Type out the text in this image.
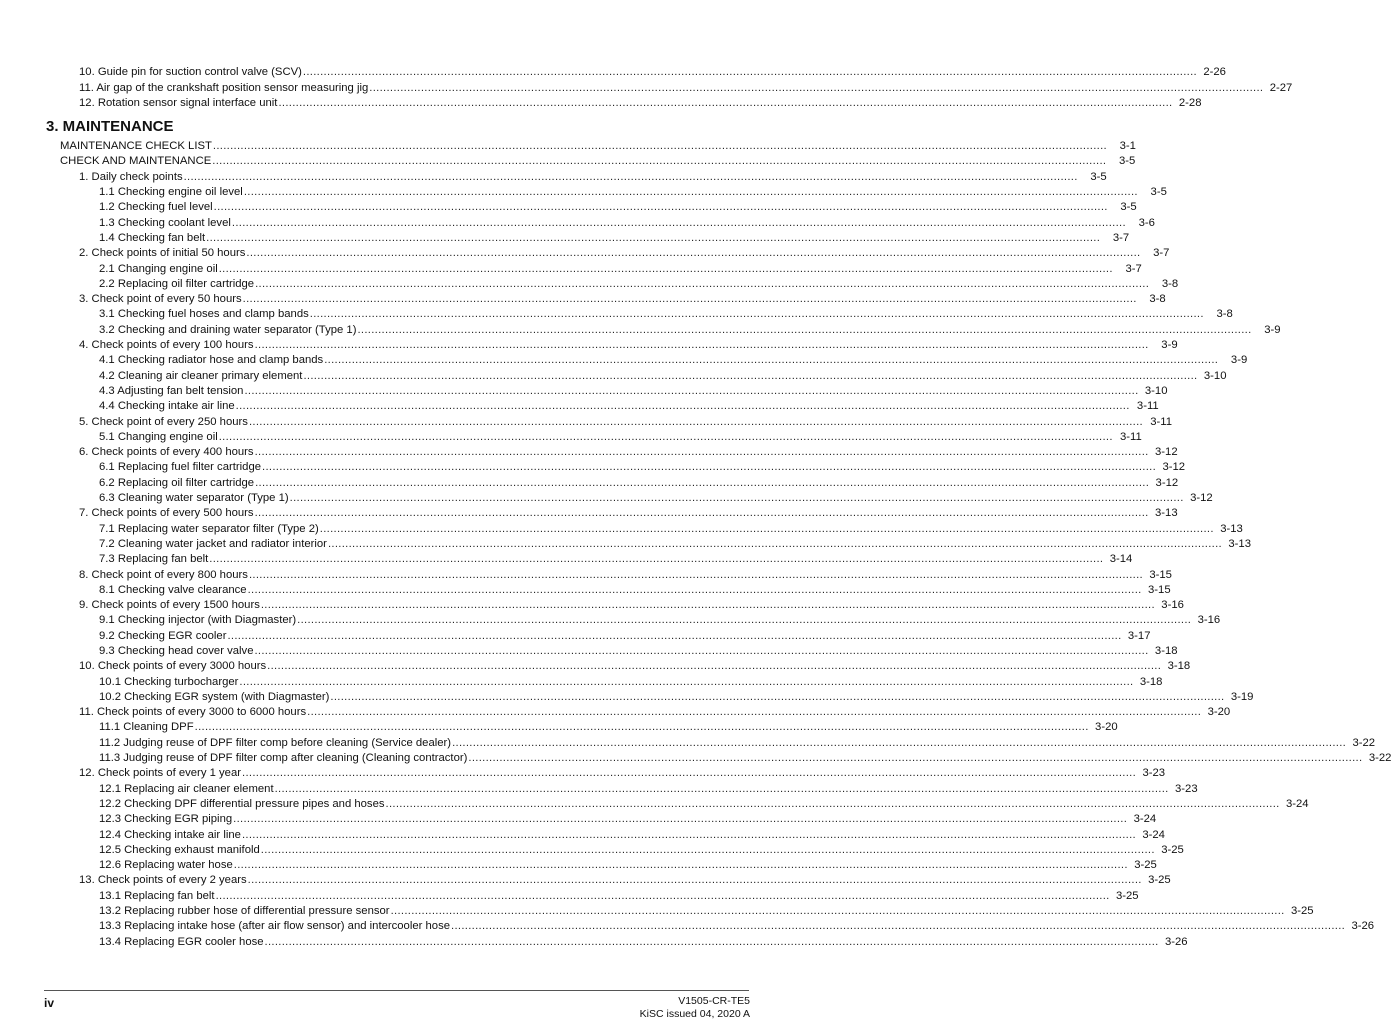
10. Guide pin for suction control valve (SCV) .....	2-26
11. Air gap of the crankshaft position sensor measuring jig .....	2-27
12. Rotation sensor signal interface unit .....	2-28
3. MAINTENANCE
MAINTENANCE CHECK LIST .....	3-1
CHECK AND MAINTENANCE .....	3-5
1. Daily check points .....	3-5
1.1 Checking engine oil level .....	3-5
1.2 Checking fuel level .....	3-5
1.3 Checking coolant level .....	3-6
1.4 Checking fan belt .....	3-7
2. Check points of initial 50 hours .....	3-7
2.1 Changing engine oil .....	3-7
2.2 Replacing oil filter cartridge .....	3-8
3. Check point of every 50 hours .....	3-8
3.1 Checking fuel hoses and clamp bands .....	3-8
3.2 Checking and draining water separator (Type 1) .....	3-9
4. Check points of every 100 hours .....	3-9
4.1 Checking radiator hose and clamp bands .....	3-9
4.2 Cleaning air cleaner primary element .....	3-10
4.3 Adjusting fan belt tension .....	3-10
4.4 Checking intake air line .....	3-11
5. Check point of every 250 hours .....	3-11
5.1 Changing engine oil .....	3-11
6. Check points of every 400 hours .....	3-12
6.1 Replacing fuel filter cartridge .....	3-12
6.2 Replacing oil filter cartridge .....	3-12
6.3 Cleaning water separator (Type 1) .....	3-12
7. Check points of every 500 hours .....	3-13
7.1 Replacing water separator filter (Type 2) .....	3-13
7.2 Cleaning water jacket and radiator interior .....	3-13
7.3 Replacing fan belt .....	3-14
8. Check point of every 800 hours .....	3-15
8.1 Checking valve clearance .....	3-15
9. Check points of every 1500 hours .....	3-16
9.1 Checking injector (with Diagmaster) .....	3-16
9.2 Checking EGR cooler .....	3-17
9.3 Checking head cover valve .....	3-18
10. Check points of every 3000 hours .....	3-18
10.1 Checking turbocharger .....	3-18
10.2 Checking EGR system (with Diagmaster) .....	3-19
11. Check points of every 3000 to 6000 hours .....	3-20
11.1 Cleaning DPF .....	3-20
11.2 Judging reuse of DPF filter comp before cleaning (Service dealer) .....	3-22
11.3 Judging reuse of DPF filter comp after cleaning (Cleaning contractor) .....	3-22
12. Check points of every 1 year .....	3-23
12.1 Replacing air cleaner element .....	3-23
12.2 Checking DPF differential pressure pipes and hoses .....	3-24
12.3 Checking EGR piping .....	3-24
12.4 Checking intake air line .....	3-24
12.5 Checking exhaust manifold .....	3-25
12.6 Replacing water hose .....	3-25
13. Check points of every 2 years .....	3-25
13.1 Replacing fan belt .....	3-25
13.2 Replacing rubber hose of differential pressure sensor .....	3-25
13.3 Replacing intake hose (after air flow sensor) and intercooler hose .....	3-26
13.4 Replacing EGR cooler hose .....	3-26
iv	V1505-CR-TE5
KiSC issued 04, 2020 A
